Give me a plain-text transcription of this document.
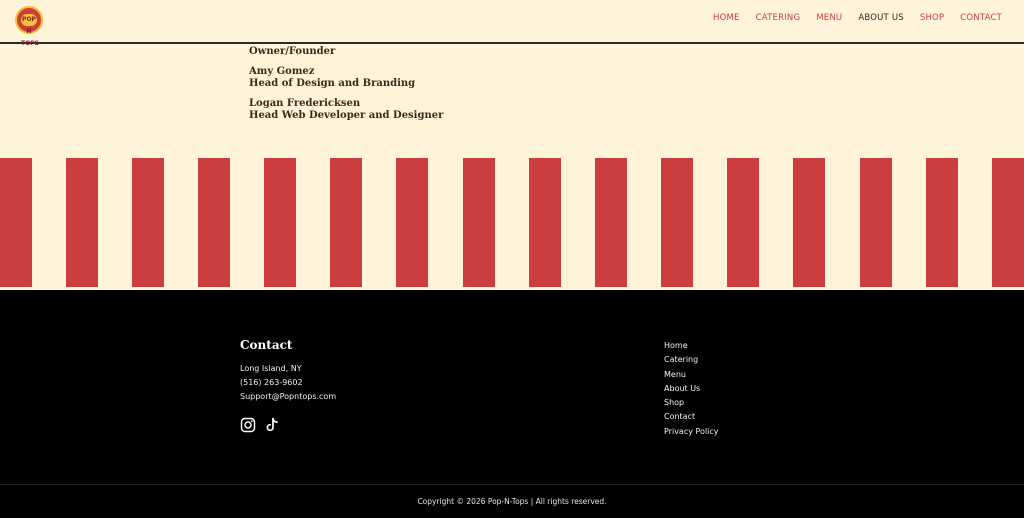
POP N TOPS
HOME CATERING MENU ABOUT US SHOP CONTACT
Owner/Founder
Amy Gomez
Head of Design and Branding
Logan Fredericksen
Head Web Developer and Designer
Contact
Long Island, NY
(516) 263-9602
Support@Popntops.com
Home
Catering
Menu
About Us
Shop
Contact
Privacy Policy
Copyright © 2026 Pop-N-Tops | All rights reserved.
